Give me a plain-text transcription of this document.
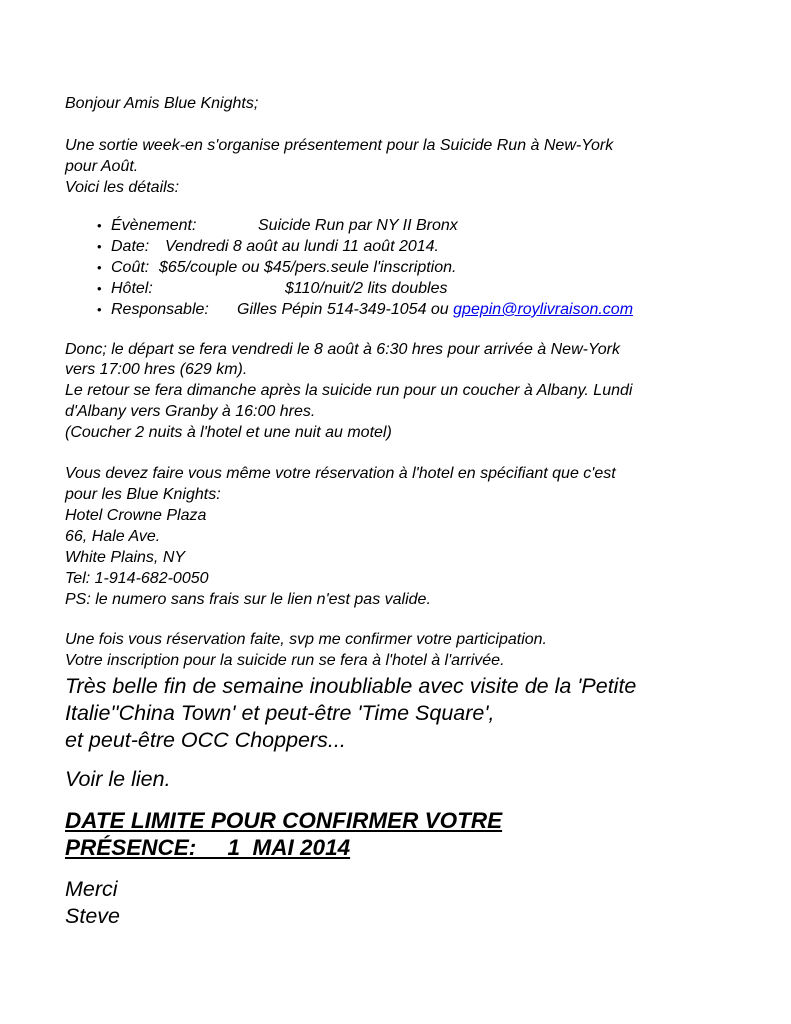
Bonjour Amis Blue Knights;
Une sortie week-en s'organise présentement pour la Suicide Run à New-York
pour Août.
Voici les détails:
• Évènement:	Suicide Run par NY II Bronx
• Date: Vendredi 8 août au lundi 11 août 2014.
• Coût: $65/couple ou $45/pers.seule l'inscription.
• Hôtel:	$110/nuit/2 lits doubles
• Responsable: Gilles Pépin 514-349-1054 ou gpepin@roylivraison.com
Donc; le départ se fera vendredi le 8 août à 6:30 hres pour arrivée à New-York
vers 17:00 hres (629 km).
Le retour se fera dimanche après la suicide run pour un coucher à Albany. Lundi
d'Albany vers Granby à 16:00 hres.
(Coucher 2 nuits à l'hotel et une nuit au motel)
Vous devez faire vous même votre réservation à l'hotel en spécifiant que c'est
pour les Blue Knights:
Hotel Crowne Plaza
66, Hale Ave.
White Plains, NY
Tel: 1-914-682-0050
PS: le numero sans frais sur le lien n'est pas valide.
Une fois vous réservation faite, svp me confirmer votre participation.
Votre inscription pour la suicide run se fera à l'hotel à l'arrivée.
Très belle fin de semaine inoubliable avec visite de la 'Petite
Italie''China Town' et peut-être 'Time Square',
et peut-être OCC Choppers...
Voir le lien.
DATE LIMITE POUR CONFIRMER VOTRE
PRÉSENCE:     1  MAI 2014
Merci
Steve
